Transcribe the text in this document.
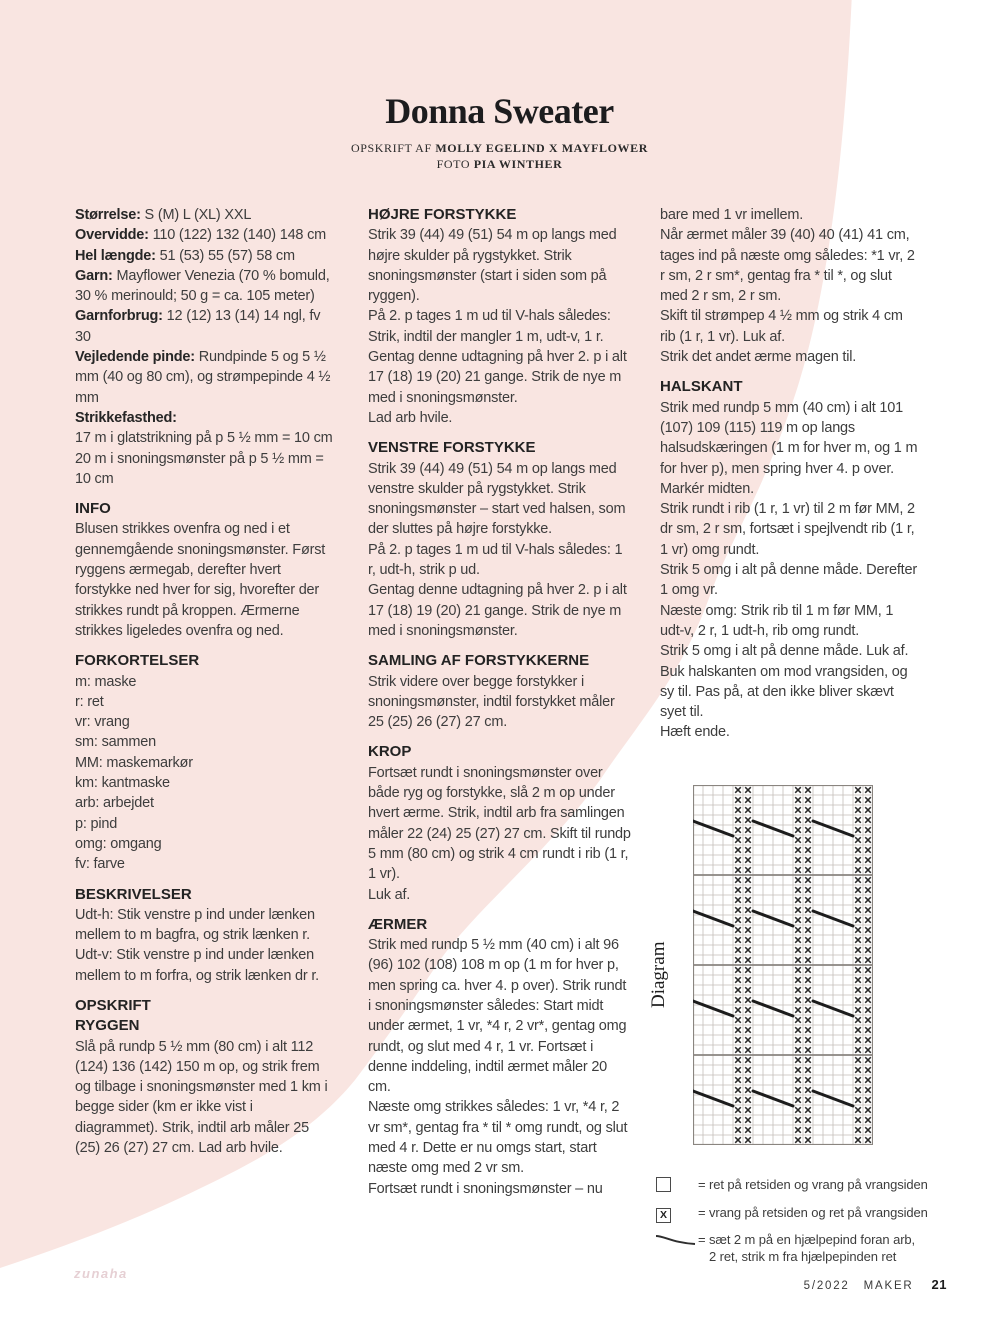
Donna Sweater
OPSKRIFT AF MOLLY EGELIND X MAYFLOWER
FOTO PIA WINTHER
Størrelse: S (M) L (XL) XXL
Overvidde: 110 (122) 132 (140) 148 cm
Hel længde: 51 (53) 55 (57) 58 cm
Garn: Mayflower Venezia (70 % bomuld, 30 % merinould; 50 g = ca. 105 meter)
Garnforbrug: 12 (12) 13 (14) 14 ngl, fv 30
Vejledende pinde: Rundpinde 5 og 5 ½ mm (40 og 80 cm), og strømpepinde 4 ½ mm
Strikkefasthed:
17 m i glatstrikning på p 5 ½ mm = 10 cm
20 m i snoningsmønster på p 5 ½ mm = 10 cm
INFO
Blusen strikkes ovenfra og ned i et gennemgående snoningsmønster. Først ryggens ærmegab, derefter hvert forstykke ned hver for sig, hvorefter der strikkes rundt på kroppen. Ærmerne strikkes ligeledes ovenfra og ned.
FORKORTELSER
m: maske
r: ret
vr: vrang
sm: sammen
MM: maskemarkør
km: kantmaske
arb: arbejdet
p: pind
omg: omgang
fv: farve
BESKRIVELSER
Udt-h: Stik venstre p ind under lænken mellem to m bagfra, og strik lænken r.
Udt-v: Stik venstre p ind under lænken mellem to m forfra, og strik lænken dr r.
OPSKRIFT
RYGGEN
Slå på rundp 5 ½ mm (80 cm) i alt 112 (124) 136 (142) 150 m op, og strik frem og tilbage i snoningsmønster med 1 km i begge sider (km er ikke vist i diagrammet). Strik, indtil arb måler 25 (25) 26 (27) 27 cm. Lad arb hvile.
HØJRE FORSTYKKE
Strik 39 (44) 49 (51) 54 m op langs med højre skulder på rygstykket. Strik snoningsmønster (start i siden som på ryggen).
På 2. p tages 1 m ud til V-hals således: Strik, indtil der mangler 1 m, udt-v, 1 r.
Gentag denne udtagning på hver 2. p i alt 17 (18) 19 (20) 21 gange. Strik de nye m med i snoningsmønster.
Lad arb hvile.
VENSTRE FORSTYKKE
Strik 39 (44) 49 (51) 54 m op langs med venstre skulder på rygstykket. Strik snoningsmønster – start ved halsen, som der sluttes på højre forstykke.
På 2. p tages 1 m ud til V-hals således: 1 r, udt-h, strik p ud.
Gentag denne udtagning på hver 2. p i alt 17 (18) 19 (20) 21 gange. Strik de nye m med i snoningsmønster.
SAMLING AF FORSTYKKERNE
Strik videre over begge forstykker i snoningsmønster, indtil forstykket måler 25 (25) 26 (27) 27 cm.
KROP
Fortsæt rundt i snoningsmønster over både ryg og forstykke, slå 2 m op under hvert ærme. Strik, indtil arb fra samlingen måler 22 (24) 25 (27) 27 cm. Skift til rundp 5 mm (80 cm) og strik 4 cm rundt i rib (1 r, 1 vr).
Luk af.
ÆRMER
Strik med rundp 5 ½ mm (40 cm) i alt 96 (96) 102 (108) 108 m op (1 m for hver p, men spring ca. hver 4. p over). Strik rundt i snoningsmønster således: Start midt under ærmet, 1 vr, *4 r, 2 vr*, gentag omg rundt, og slut med 4 r, 1 vr. Fortsæt i denne inddeling, indtil ærmet måler 20 cm.
Næste omg strikkes således: 1 vr, *4 r, 2 vr sm*, gentag fra * til * omg rundt, og slut med 4 r. Dette er nu omgs start, start næste omg med 2 vr sm.
Fortsæt rundt i snoningsmønster – nu
bare med 1 vr imellem.
Når ærmet måler 39 (40) 40 (41) 41 cm, tages ind på næste omg således: *1 vr, 2 r sm, 2 r sm*, gentag fra * til *, og slut med 2 r sm, 2 r sm.
Skift til strømpep 4 ½ mm og strik 4 cm rib (1 r, 1 vr). Luk af.
Strik det andet ærme magen til.
HALSKANT
Strik med rundp 5 mm (40 cm) i alt 101 (107) 109 (115) 119 m op langs halsudskæringen (1 m for hver m, og 1 m for hver p), men spring hver 4. p over. Markér midten.
Strik rundt i rib (1 r, 1 vr) til 2 m før MM, 2 dr sm, 2 r sm, fortsæt i spejlvendt rib (1 r, 1 vr) omg rundt.
Strik 5 omg i alt på denne måde. Derefter 1 omg vr.
Næste omg: Strik rib til 1 m før MM, 1 udt-v, 2 r, 1 udt-h, rib omg rundt.
Strik 5 omg i alt på denne måde. Luk af.
Buk halskanten om mod vrangsiden, og sy til. Pas på, at den ikke bliver skævt syet til.
Hæft ende.
Diagram
= ret på retsiden og vrang på vrangsiden
X	= vrang på retsiden og ret på vrangsiden
= sæt 2 m på en hjælpepind foran arb,
2 ret, strik m fra hjælpepinden ret
5/2022 MAKER 21
zunaha
